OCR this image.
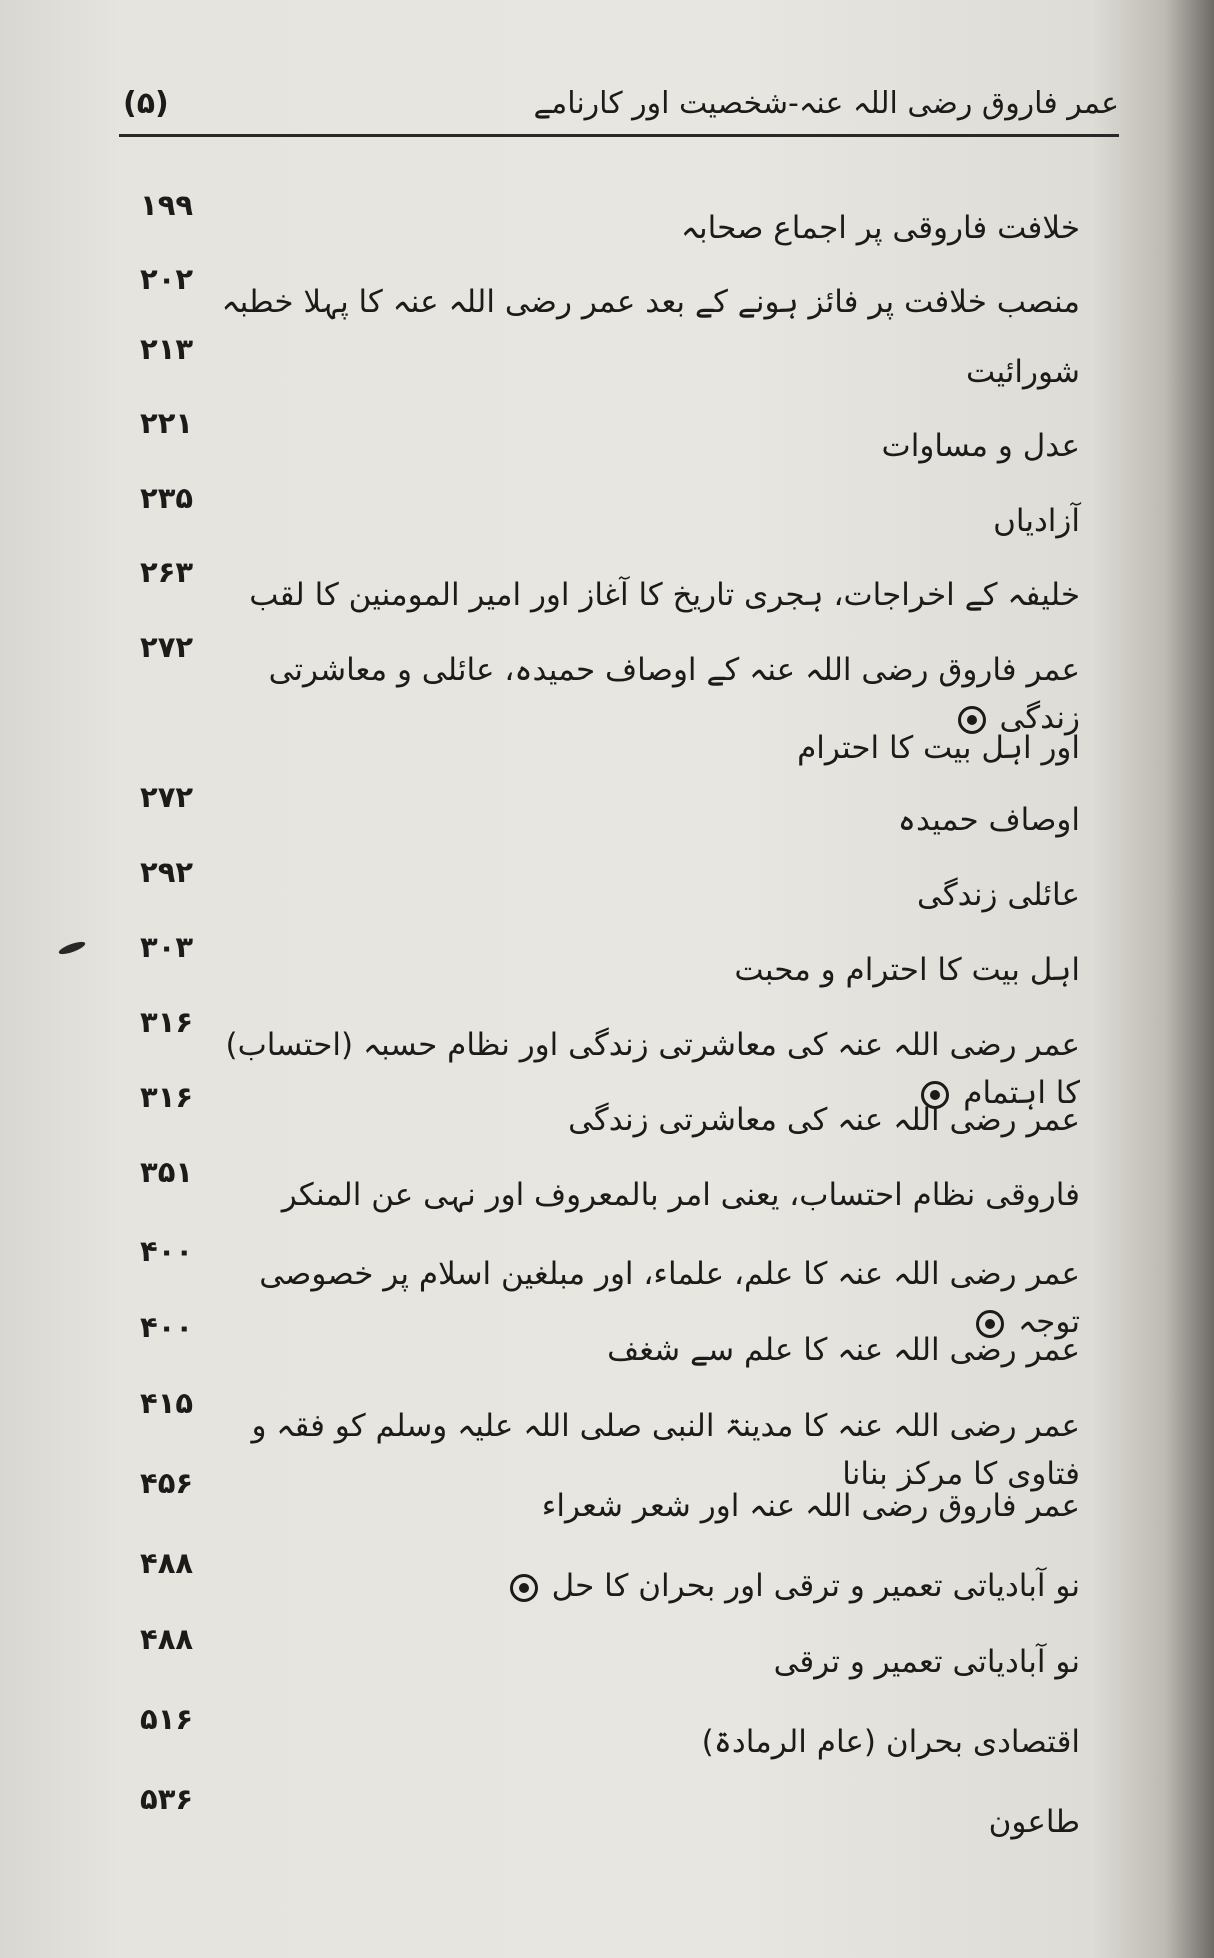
(۵)	عمر فاروق رضی اللہ عنہ-شخصیت اور کارنامے
۱۹۹
خلافت فاروقی پر اجماع صحابہ
۲۰۲
منصب خلافت پر فائز ہونے کے بعد عمر رضی اللہ عنہ کا پہلا خطبہ
۲۱۳
شورائیت
۲۲۱
عدل و مساوات
۲۳۵
آزادیاں
۲۶۳
خلیفہ کے اخراجات، ہجری تاریخ کا آغاز اور امیر المومنین کا لقب
۲۷۲
عمر فاروق رضی اللہ عنہ کے اوصاف حمیدہ، عائلی و معاشرتی زندگی
اور اہل بیت کا احترام
۲۷۲
اوصاف حمیدہ
۲۹۲
عائلی زندگی
۳۰۳
اہل بیت کا احترام و محبت
۳۱۶
عمر رضی اللہ عنہ کی معاشرتی زندگی اور نظام حسبہ (احتساب) کا اہتمام
۳۱۶
عمر رضی اللہ عنہ کی معاشرتی زندگی
۳۵۱
فاروقی نظام احتساب، یعنی امر بالمعروف اور نہی عن المنکر
۴۰۰
عمر رضی اللہ عنہ کا علم، علماء، اور مبلغین اسلام پر خصوصی توجہ
۴۰۰
عمر رضی اللہ عنہ کا علم سے شغف
۴۱۵
عمر رضی اللہ عنہ کا مدینۃ النبی صلی اللہ علیہ وسلم کو فقہ و فتاوی کا مرکز بنانا
۴۵۶
عمر فاروق رضی اللہ عنہ اور شعر شعراء
۴۸۸
نو آبادیاتی تعمیر و ترقی اور بحران کا حل
۴۸۸
نو آبادیاتی تعمیر و ترقی
۵۱۶
اقتصادی بحران (عام الرمادۃ)
۵۳۶
طاعون
